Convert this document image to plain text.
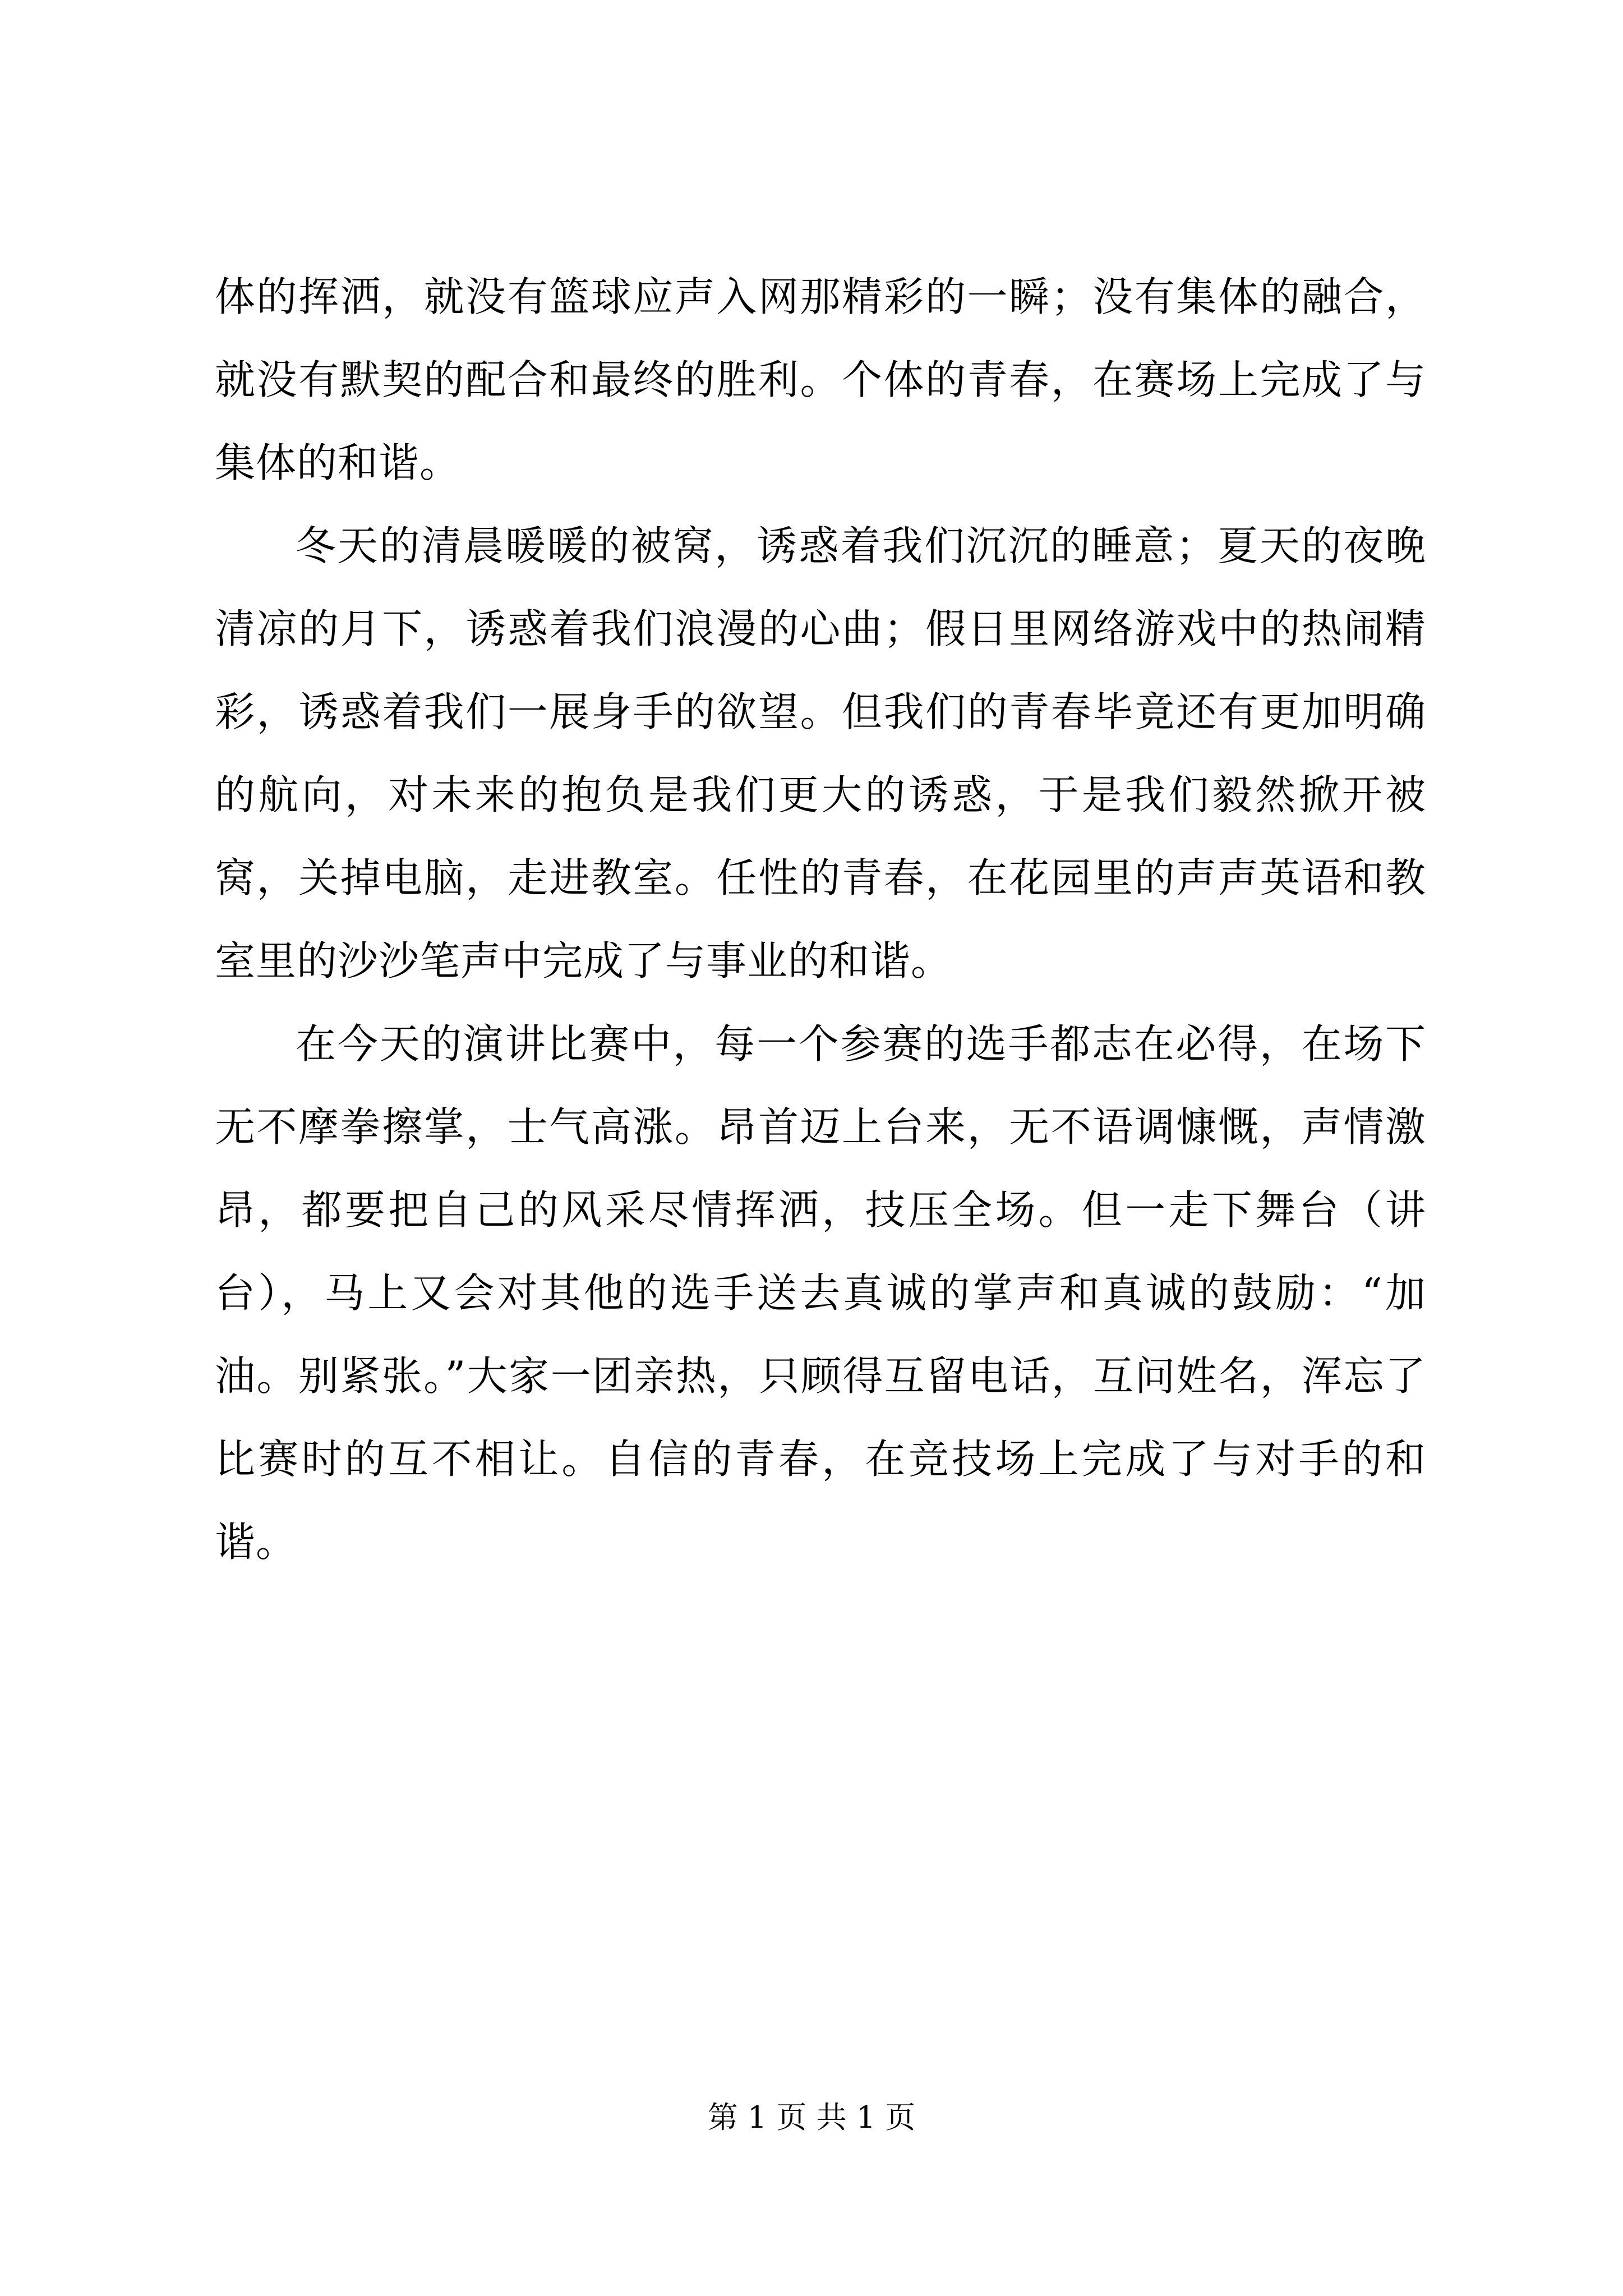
体的挥洒，就没有篮球应声入网那精彩的一瞬；没有集体的融合，就没有默契的配合和最终的胜利。个体的青春，在赛场上完成了与集体的和谐。

冬天的清晨暖暖的被窝，诱惑着我们沉沉的睡意；夏天的夜晚清凉的月下，诱惑着我们浪漫的心曲；假日里网络游戏中的热闹精彩，诱惑着我们一展身手的欲望。但我们的青春毕竟还有更加明确的航向，对未来的抱负是我们更大的诱惑，于是我们毅然掀开被窝，关掉电脑，走进教室。任性的青春，在花园里的声声英语和教室里的沙沙笔声中完成了与事业的和谐。

在今天的演讲比赛中，每一个参赛的选手都志在必得，在场下无不摩拳擦掌，士气高涨。昂首迈上台来，无不语调慷慨，声情激昂，都要把自己的风采尽情挥洒，技压全场。但一走下舞台（讲台），马上又会对其他的选手送去真诚的掌声和真诚的鼓励：“加油。别紧张。”大家一团亲热，只顾得互留电话，互问姓名，浑忘了比赛时的互不相让。自信的青春，在竞技场上完成了与对手的和谐。

第 1 页 共 1 页
